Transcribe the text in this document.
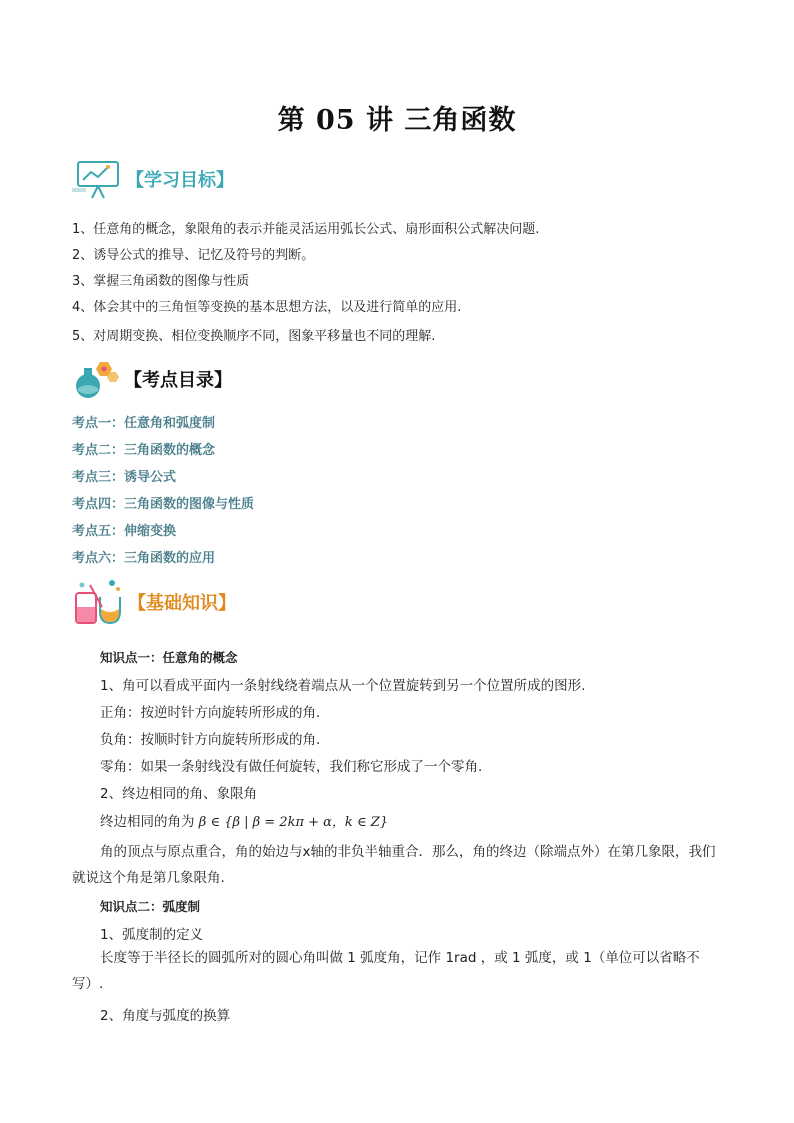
第 05 讲 三角函数
【学习目标】
1、任意角的概念，象限角的表示并能灵活运用弧长公式、扇形面积公式解决问题.
2、诱导公式的推导、记忆及符号的判断。
3、掌握三角函数的图像与性质
4、体会其中的三角恒等变换的基本思想方法，以及进行简单的应用.
5、对周期变换、相位变换顺序不同，图象平移量也不同的理解.
【考点目录】
考点一：任意角和弧度制
考点二：三角函数的概念
考点三：诱导公式
考点四：三角函数的图像与性质
考点五：伸缩变换
考点六：三角函数的应用
【基础知识】
知识点一：任意角的概念
1、角可以看成平面内一条射线绕着端点从一个位置旋转到另一个位置所成的图形.
正角：按逆时针方向旋转所形成的角.
负角：按顺时针方向旋转所形成的角.
零角：如果一条射线没有做任何旋转，我们称它形成了一个零角.
2、终边相同的角、象限角
终边相同的角为 β ∈ {β | β = 2kπ + α，k ∈ Z}
角的顶点与原点重合，角的始边与x轴的非负半轴重合．那么，角的终边（除端点外）在第几象限，我们就说这个角是第几象限角.
知识点二：弧度制
1、弧度制的定义
长度等于半径长的圆弧所对的圆心角叫做 1 弧度角，记作 1rad ，或 1 弧度，或 1（单位可以省略不写）.
2、角度与弧度的换算
